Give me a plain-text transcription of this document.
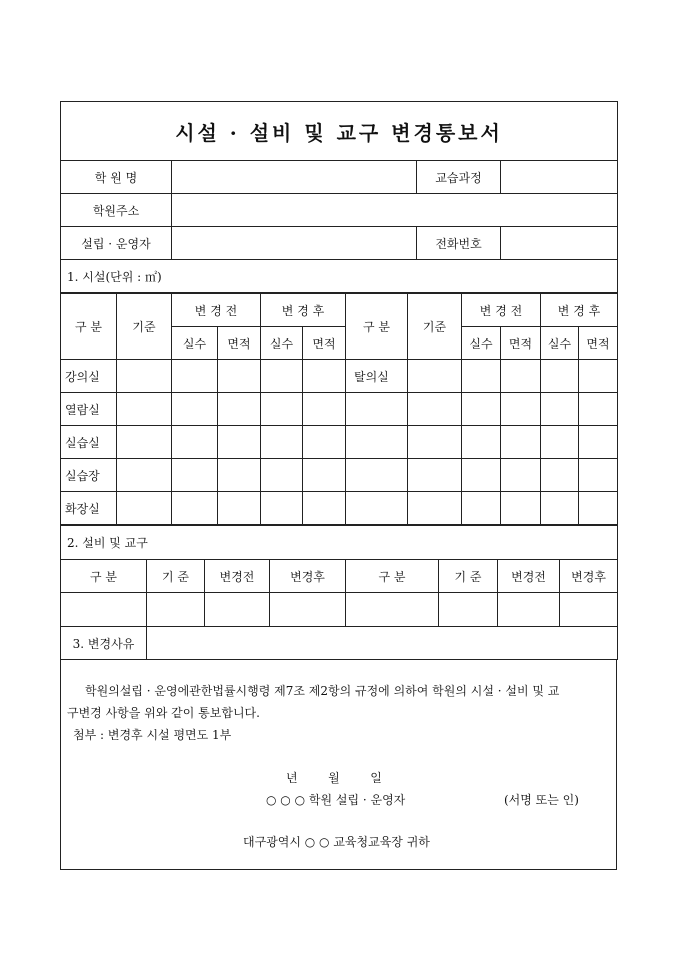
시설 · 설비 및 교구 변경통보서			
학 원 명		교습과정	
학원주소			
설립 · 운영자		전화번호	
1. 시설(단위 : ㎡)			
구 분	기준	변 경 전		변 경 후		구 분	기준	변 경 전		변 경 후	
		실수	면적	실수	면적			실수	면적	실수	면적
강의실						탈의실					
열람실											
실습실											
실습장											
화장실											
2. 설비 및 교구							
구 분	기 준	변경전	변경후	구 분	기 준	변경전	변경후

3. 변경사유							
학원의설립 · 운영에관한법률시행령 제7조 제2항의 규정에 의하여 학원의 시설 · 설비 및 교
구변경 사항을 위와 같이 통보합니다.
첨부 : 변경후 시설 평면도 1부
년        월        일
○ ○ ○ 학원 설립 · 운영자	(서명 또는 인)
대구광역시 ○ ○ 교육청교육장 귀하
